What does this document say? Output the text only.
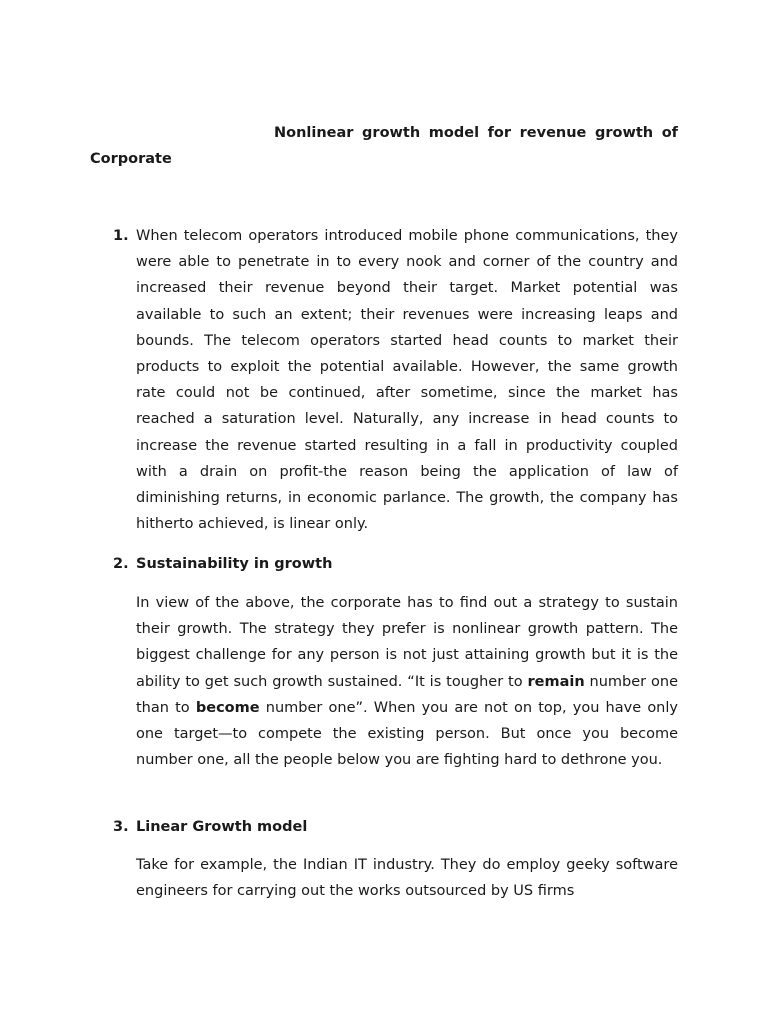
Nonlinear growth model for revenue growth of Corporate

1. When telecom operators introduced mobile phone communications, they were able to penetrate in to every nook and corner of the country and increased their revenue beyond their target. Market potential was available to such an extent; their revenues were increasing leaps and bounds. The telecom operators started head counts to market their products to exploit the potential available. However, the same growth rate could not be continued, after sometime, since the market has reached a saturation level. Naturally, any increase in head counts to increase the revenue started resulting in a fall in productivity coupled with a drain on profit-the reason being the application of law of diminishing returns, in economic parlance. The growth, the company has hitherto achieved, is linear only.

2. Sustainability in growth

In view of the above, the corporate has to find out a strategy to sustain their growth. The strategy they prefer is nonlinear growth pattern. The biggest challenge for any person is not just attaining growth but it is the ability to get such growth sustained. “It is tougher to remain number one than to become number one”. When you are not on top, you have only one target—to compete the existing person. But once you become number one, all the people below you are fighting hard to dethrone you.

3. Linear Growth model

Take for example, the Indian IT industry. They do employ geeky software engineers for carrying out the works outsourced by US firms
